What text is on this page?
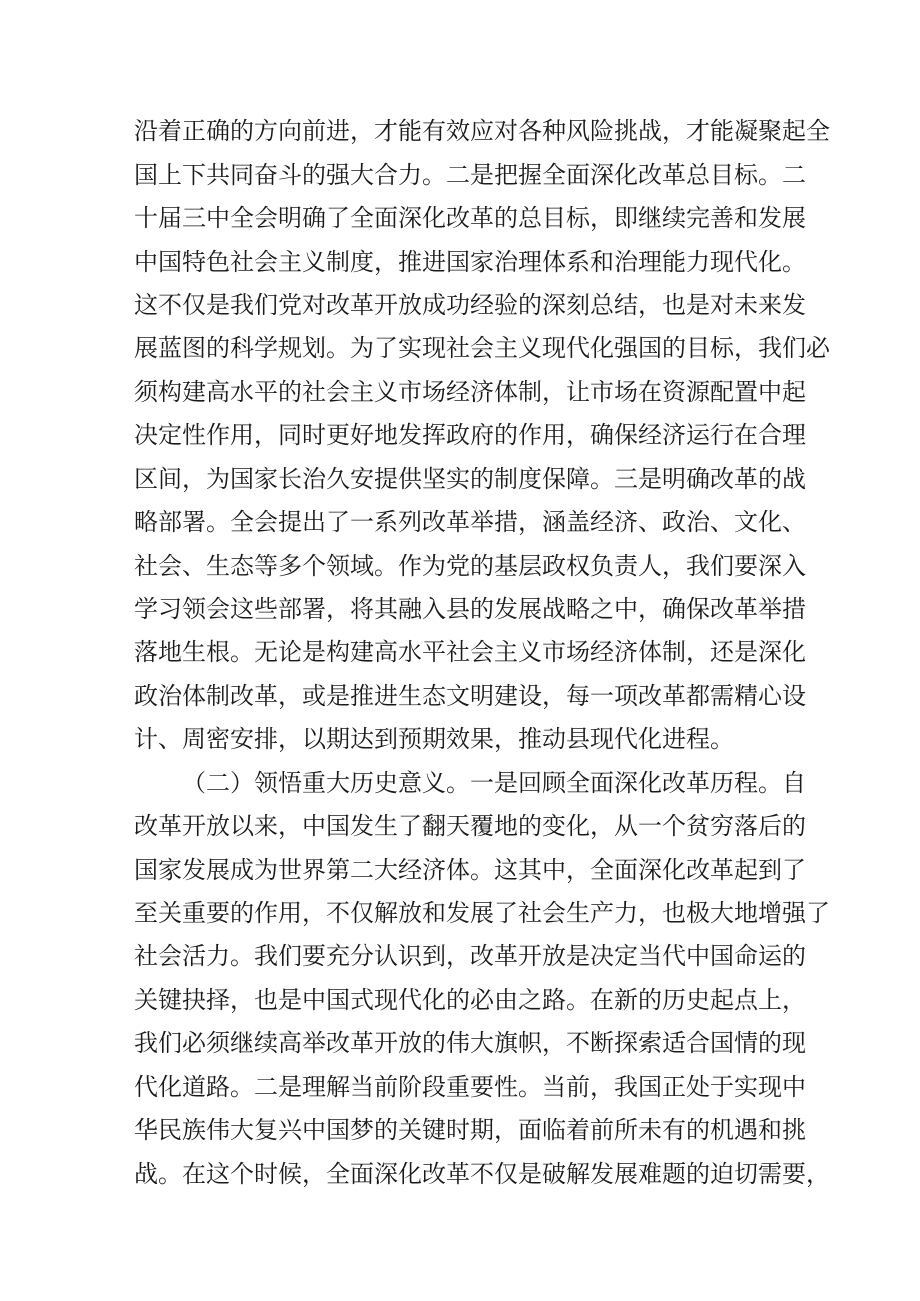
沿着正确的方向前进，才能有效应对各种风险挑战，才能凝聚起全
国上下共同奋斗的强大合力。二是把握全面深化改革总目标。二
十届三中全会明确了全面深化改革的总目标，即继续完善和发展
中国特色社会主义制度，推进国家治理体系和治理能力现代化。
这不仅是我们党对改革开放成功经验的深刻总结，也是对未来发
展蓝图的科学规划。为了实现社会主义现代化强国的目标，我们必
须构建高水平的社会主义市场经济体制，让市场在资源配置中起
决定性作用，同时更好地发挥政府的作用，确保经济运行在合理
区间，为国家长治久安提供坚实的制度保障。三是明确改革的战
略部署。全会提出了一系列改革举措，涵盖经济、政治、文化、
社会、生态等多个领域。作为党的基层政权负责人，我们要深入
学习领会这些部署，将其融入县的发展战略之中，确保改革举措
落地生根。无论是构建高水平社会主义市场经济体制，还是深化
政治体制改革，或是推进生态文明建设，每一项改革都需精心设
计、周密安排，以期达到预期效果，推动县现代化进程。
（二）领悟重大历史意义。一是回顾全面深化改革历程。自
改革开放以来，中国发生了翻天覆地的变化，从一个贫穷落后的
国家发展成为世界第二大经济体。这其中，全面深化改革起到了
至关重要的作用，不仅解放和发展了社会生产力，也极大地增强了
社会活力。我们要充分认识到，改革开放是决定当代中国命运的
关键抉择，也是中国式现代化的必由之路。在新的历史起点上，
我们必须继续高举改革开放的伟大旗帜，不断探索适合国情的现
代化道路。二是理解当前阶段重要性。当前，我国正处于实现中
华民族伟大复兴中国梦的关键时期，面临着前所未有的机遇和挑
战。在这个时候，全面深化改革不仅是破解发展难题的迫切需要，
